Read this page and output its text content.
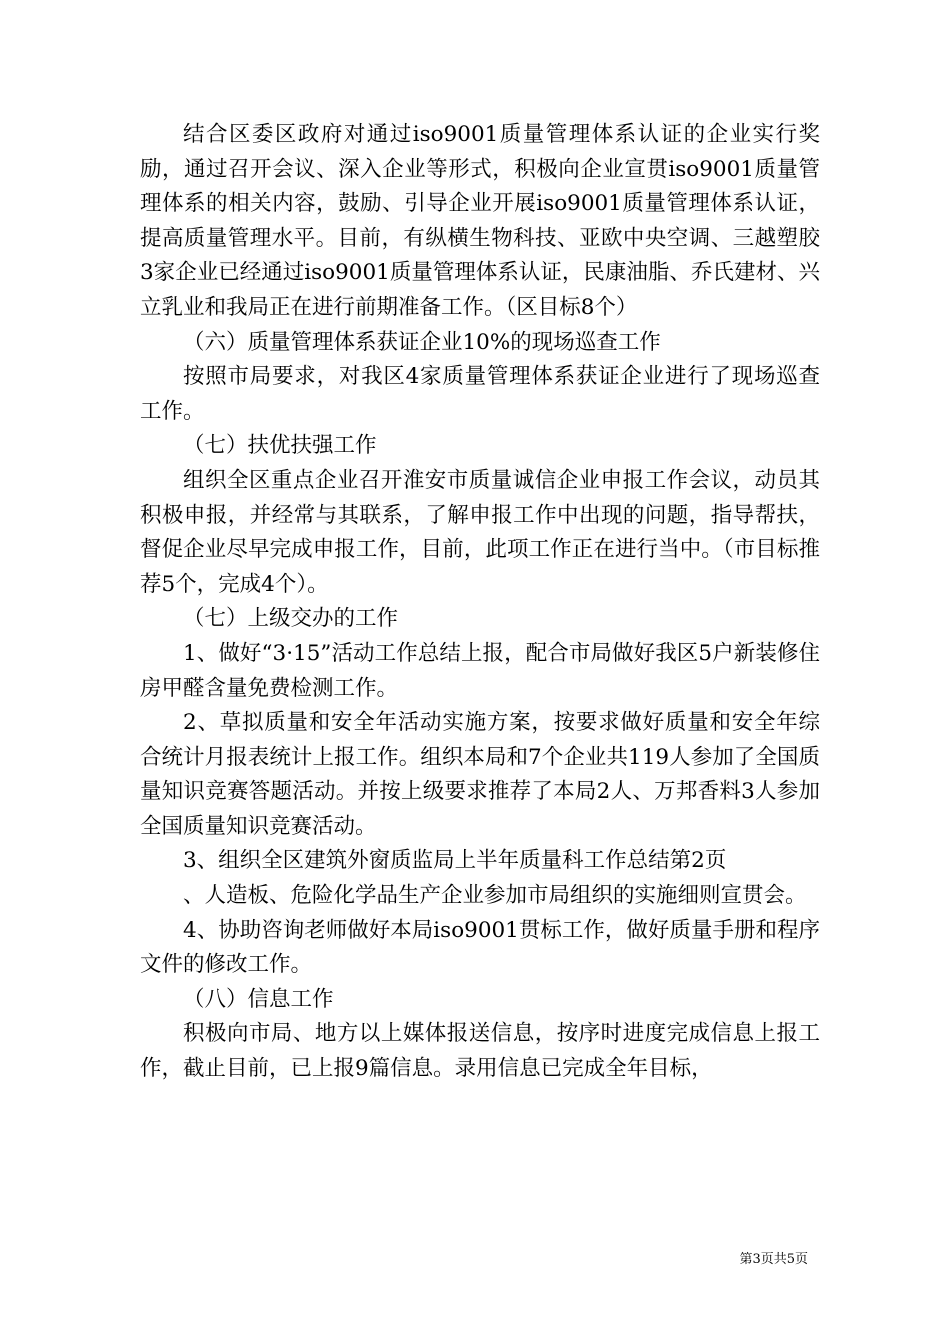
结合区委区政府对通过iso9001质量管理体系认证的企业实行奖励，通过召开会议、深入企业等形式，积极向企业宣贯iso9001质量管理体系的相关内容，鼓励、引导企业开展iso9001质量管理体系认证，提高质量管理水平。目前，有纵横生物科技、亚欧中央空调、三越塑胶3家企业已经通过iso9001质量管理体系认证，民康油脂、乔氏建材、兴立乳业和我局正在进行前期准备工作。（区目标8个）

（六）质量管理体系获证企业10%的现场巡查工作

按照市局要求，对我区4家质量管理体系获证企业进行了现场巡查工作。

（七）扶优扶强工作

组织全区重点企业召开淮安市质量诚信企业申报工作会议，动员其积极申报，并经常与其联系，了解申报工作中出现的问题，指导帮扶，督促企业尽早完成申报工作，目前，此项工作正在进行当中。（市目标推荐5个，完成4个）。

（七）上级交办的工作

1、做好“3·15”活动工作总结上报，配合市局做好我区5户新装修住房甲醛含量免费检测工作。

2、草拟质量和安全年活动实施方案，按要求做好质量和安全年综合统计月报表统计上报工作。组织本局和7个企业共119人参加了全国质量知识竞赛答题活动。并按上级要求推荐了本局2人、万邦香料3人参加全国质量知识竞赛活动。

3、组织全区建筑外窗质监局上半年质量科工作总结第2页

、人造板、危险化学品生产企业参加市局组织的实施细则宣贯会。

4、协助咨询老师做好本局iso9001贯标工作，做好质量手册和程序文件的修改工作。

（八）信息工作

积极向市局、地方以上媒体报送信息，按序时进度完成信息上报工作，截止目前，已上报9篇信息。录用信息已完成全年目标，

第3页共5页
